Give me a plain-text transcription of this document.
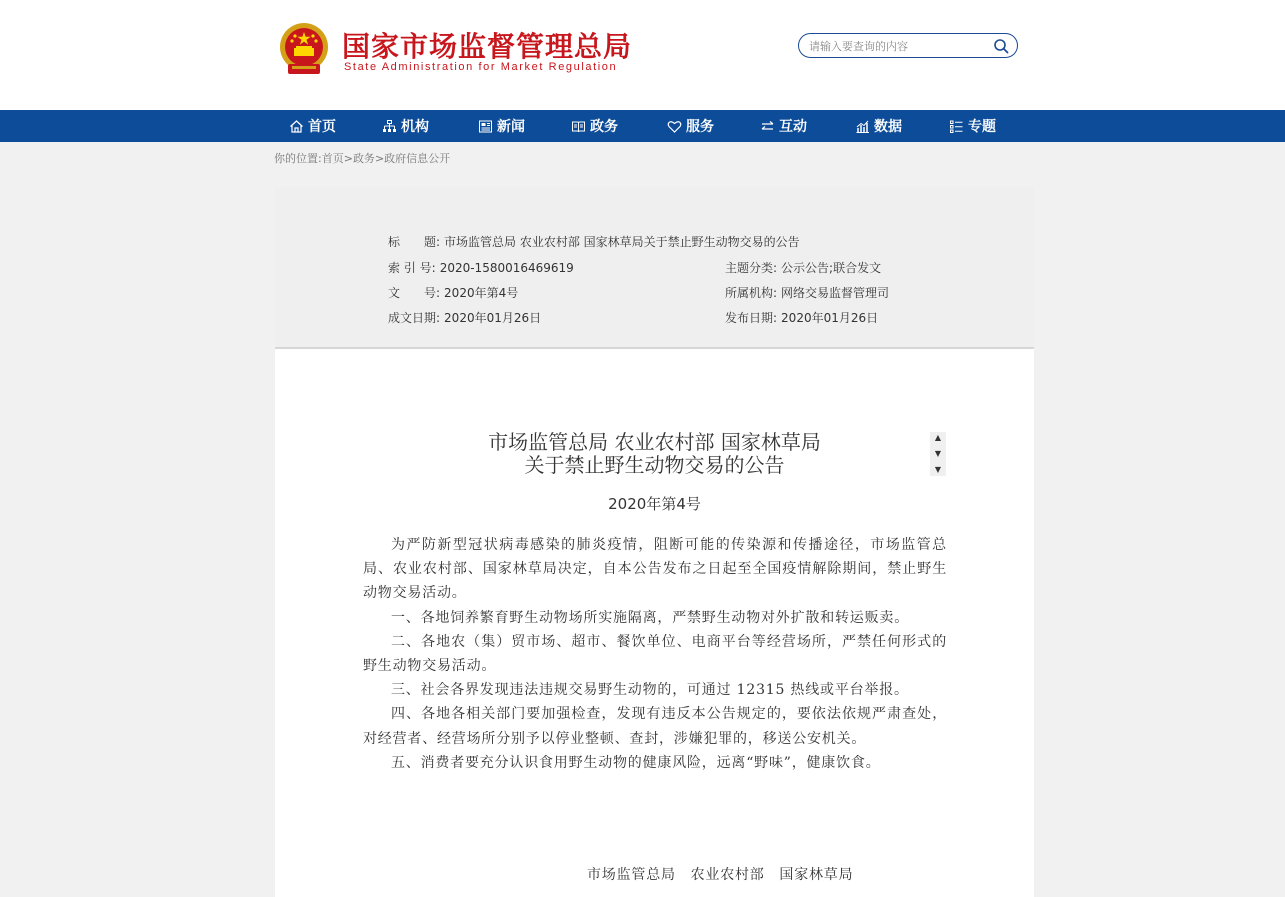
国家市场监督管理总局
State Administration for Market Regulation
请输入要查询的内容
首页	机构	新闻	政务	服务	互动	数据	专题
你的位置:首页>政务>政府信息公开
标　　题: 市场监管总局 农业农村部 国家林草局关于禁止野生动物交易的公告
索 引 号: 2020-1580016469619	主题分类: 公示公告;联合发文
文　　号: 2020年第4号	所属机构: 网络交易监督管理司
成文日期: 2020年01月26日	发布日期: 2020年01月26日
市场监管总局 农业农村部 国家林草局
关于禁止野生动物交易的公告
▲
▼
▼
2020年第4号

为严防新型冠状病毒感染的肺炎疫情，阻断可能的传染源和传播途径，市场监管总局、农业农村部、国家林草局决定，自本公告发布之日起至全国疫情解除期间，禁止野生动物交易活动。

一、各地饲养繁育野生动物场所实施隔离，严禁野生动物对外扩散和转运贩卖。

二、各地农（集）贸市场、超市、餐饮单位、电商平台等经营场所，严禁任何形式的野生动物交易活动。

三、社会各界发现违法违规交易野生动物的，可通过 12315 热线或平台举报。

四、各地各相关部门要加强检查，发现有违反本公告规定的，要依法依规严肃查处，对经营者、经营场所分别予以停业整顿、查封，涉嫌犯罪的，移送公安机关。

五、消费者要充分认识食用野生动物的健康风险，远离“野味”，健康饮食。

市场监管总局　农业农村部　国家林草局
